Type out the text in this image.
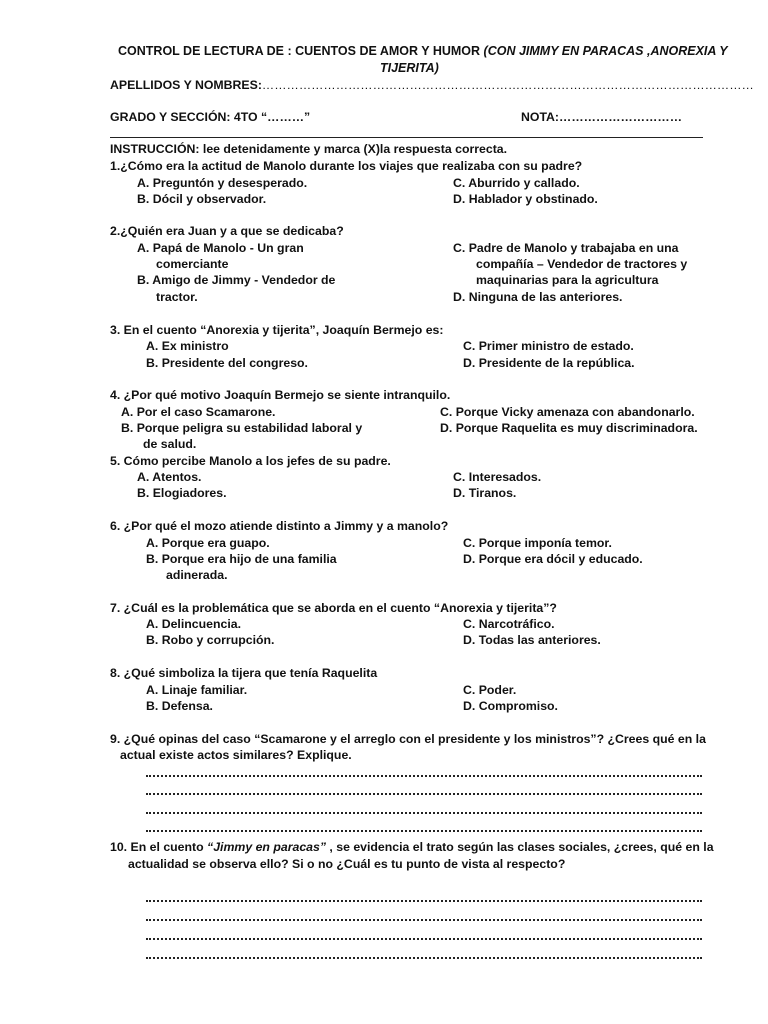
CONTROL DE LECTURA DE : CUENTOS DE AMOR Y HUMOR (CON JIMMY EN PARACAS ,ANOREXIA Y
TIJERITA)
APELLIDOS Y NOMBRES:…………………………………………………………………………………………………………
GRADO Y SECCIÓN: 4TO “………”	NOTA:…………………………
INSTRUCCIÓN: lee detenidamente y marca (X)la respuesta correcta.
1.¿Cómo era la actitud de Manolo durante los viajes que realizaba con su padre?
A. Preguntón y desesperado.	C. Aburrido y callado.
B. Dócil y observador.	D. Hablador y obstinado.
2.¿Quién era Juan y a que se dedicaba?
A. Papá de Manolo - Un gran
comerciante
B. Amigo de Jimmy - Vendedor de
tractor.
C. Padre de Manolo y trabajaba en una
compañía – Vendedor de tractores y
maquinarias para la agricultura
D. Ninguna de las anteriores.
3. En el cuento “Anorexia y tijerita”, Joaquín Bermejo es:
A. Ex ministro	C. Primer ministro de estado.
B. Presidente del congreso.	D. Presidente de la república.
4. ¿Por qué motivo Joaquín Bermejo se siente intranquilo.
A. Por el caso Scamarone.	C. Porque Vicky amenaza con abandonarlo.
B. Porque peligra su estabilidad laboral y	D. Porque Raquelita es muy discriminadora.
de salud.
5. Cómo percibe Manolo a los jefes de su padre.
A. Atentos.	C. Interesados.
B. Elogiadores.	D. Tiranos.
6. ¿Por qué el mozo atiende distinto a Jimmy y a manolo?
A. Porque era guapo.	C. Porque imponía temor.
B. Porque era hijo de una familia	D. Porque era dócil y educado.
adinerada.
7. ¿Cuál es la problemática que se aborda en el cuento “Anorexia y tijerita”?
A. Delincuencia.	C. Narcotráfico.
B. Robo y corrupción.	D. Todas las anteriores.
8. ¿Qué simboliza la tijera que tenía Raquelita
A. Linaje familiar.	C. Poder.
B. Defensa.	D. Compromiso.
9. ¿Qué opinas del caso “Scamarone y el arreglo con el presidente y los ministros”? ¿Crees qué en la
actual existe actos similares? Explique.
10. En el cuento “Jimmy en paracas” , se evidencia el trato según las clases sociales, ¿crees, qué en la
actualidad se observa ello? Si o no ¿Cuál es tu punto de vista al respecto?
